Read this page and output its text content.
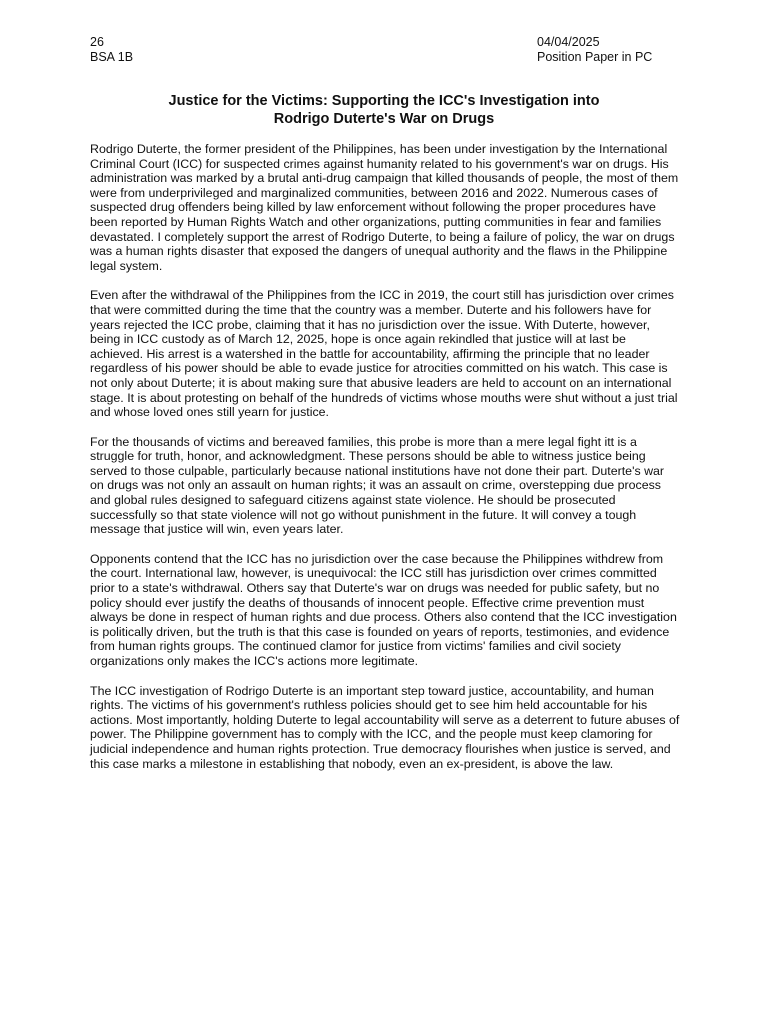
26	04/04/2025
BSA 1B	Position Paper in PC
Justice for the Victims: Supporting the ICC's Investigation into
Rodrigo Duterte's War on Drugs

Rodrigo Duterte, the former president of the Philippines, has been under investigation by the International Criminal Court (ICC) for suspected crimes against humanity related to his government's war on drugs. His administration was marked by a brutal anti-drug campaign that killed thousands of people, the most of them were from underprivileged and marginalized communities, between 2016 and 2022. Numerous cases of suspected drug offenders being killed by law enforcement without following the proper procedures have been reported by Human Rights Watch and other organizations, putting communities in fear and families devastated. I completely support the arrest of Rodrigo Duterte, to being a failure of policy, the war on drugs was a human rights disaster that exposed the dangers of unequal authority and the flaws in the Philippine legal system.

Even after the withdrawal of the Philippines from the ICC in 2019, the court still has jurisdiction over crimes that were committed during the time that the country was a member. Duterte and his followers have for years rejected the ICC probe, claiming that it has no jurisdiction over the issue. With Duterte, however, being in ICC custody as of March 12, 2025, hope is once again rekindled that justice will at last be achieved. His arrest is a watershed in the battle for accountability, affirming the principle that no leader regardless of his power should be able to evade justice for atrocities committed on his watch. This case is not only about Duterte; it is about making sure that abusive leaders are held to account on an international stage. It is about protesting on behalf of the hundreds of victims whose mouths were shut without a just trial and whose loved ones still yearn for justice.

For the thousands of victims and bereaved families, this probe is more than a mere legal fight itt is a struggle for truth, honor, and acknowledgment. These persons should be able to witness justice being served to those culpable, particularly because national institutions have not done their part. Duterte's war on drugs was not only an assault on human rights; it was an assault on crime, overstepping due process and global rules designed to safeguard citizens against state violence. He should be prosecuted successfully so that state violence will not go without punishment in the future. It will convey a tough message that justice will win, even years later.

Opponents contend that the ICC has no jurisdiction over the case because the Philippines withdrew from the court. International law, however, is unequivocal: the ICC still has jurisdiction over crimes committed prior to a state's withdrawal. Others say that Duterte's war on drugs was needed for public safety, but no policy should ever justify the deaths of thousands of innocent people. Effective crime prevention must always be done in respect of human rights and due process. Others also contend that the ICC investigation is politically driven, but the truth is that this case is founded on years of reports, testimonies, and evidence from human rights groups. The continued clamor for justice from victims' families and civil society organizations only makes the ICC's actions more legitimate.

The ICC investigation of Rodrigo Duterte is an important step toward justice, accountability, and human rights. The victims of his government's ruthless policies should get to see him held accountable for his actions. Most importantly, holding Duterte to legal accountability will serve as a deterrent to future abuses of power. The Philippine government has to comply with the ICC, and the people must keep clamoring for judicial independence and human rights protection. True democracy flourishes when justice is served, and this case marks a milestone in establishing that nobody, even an ex-president, is above the law.
